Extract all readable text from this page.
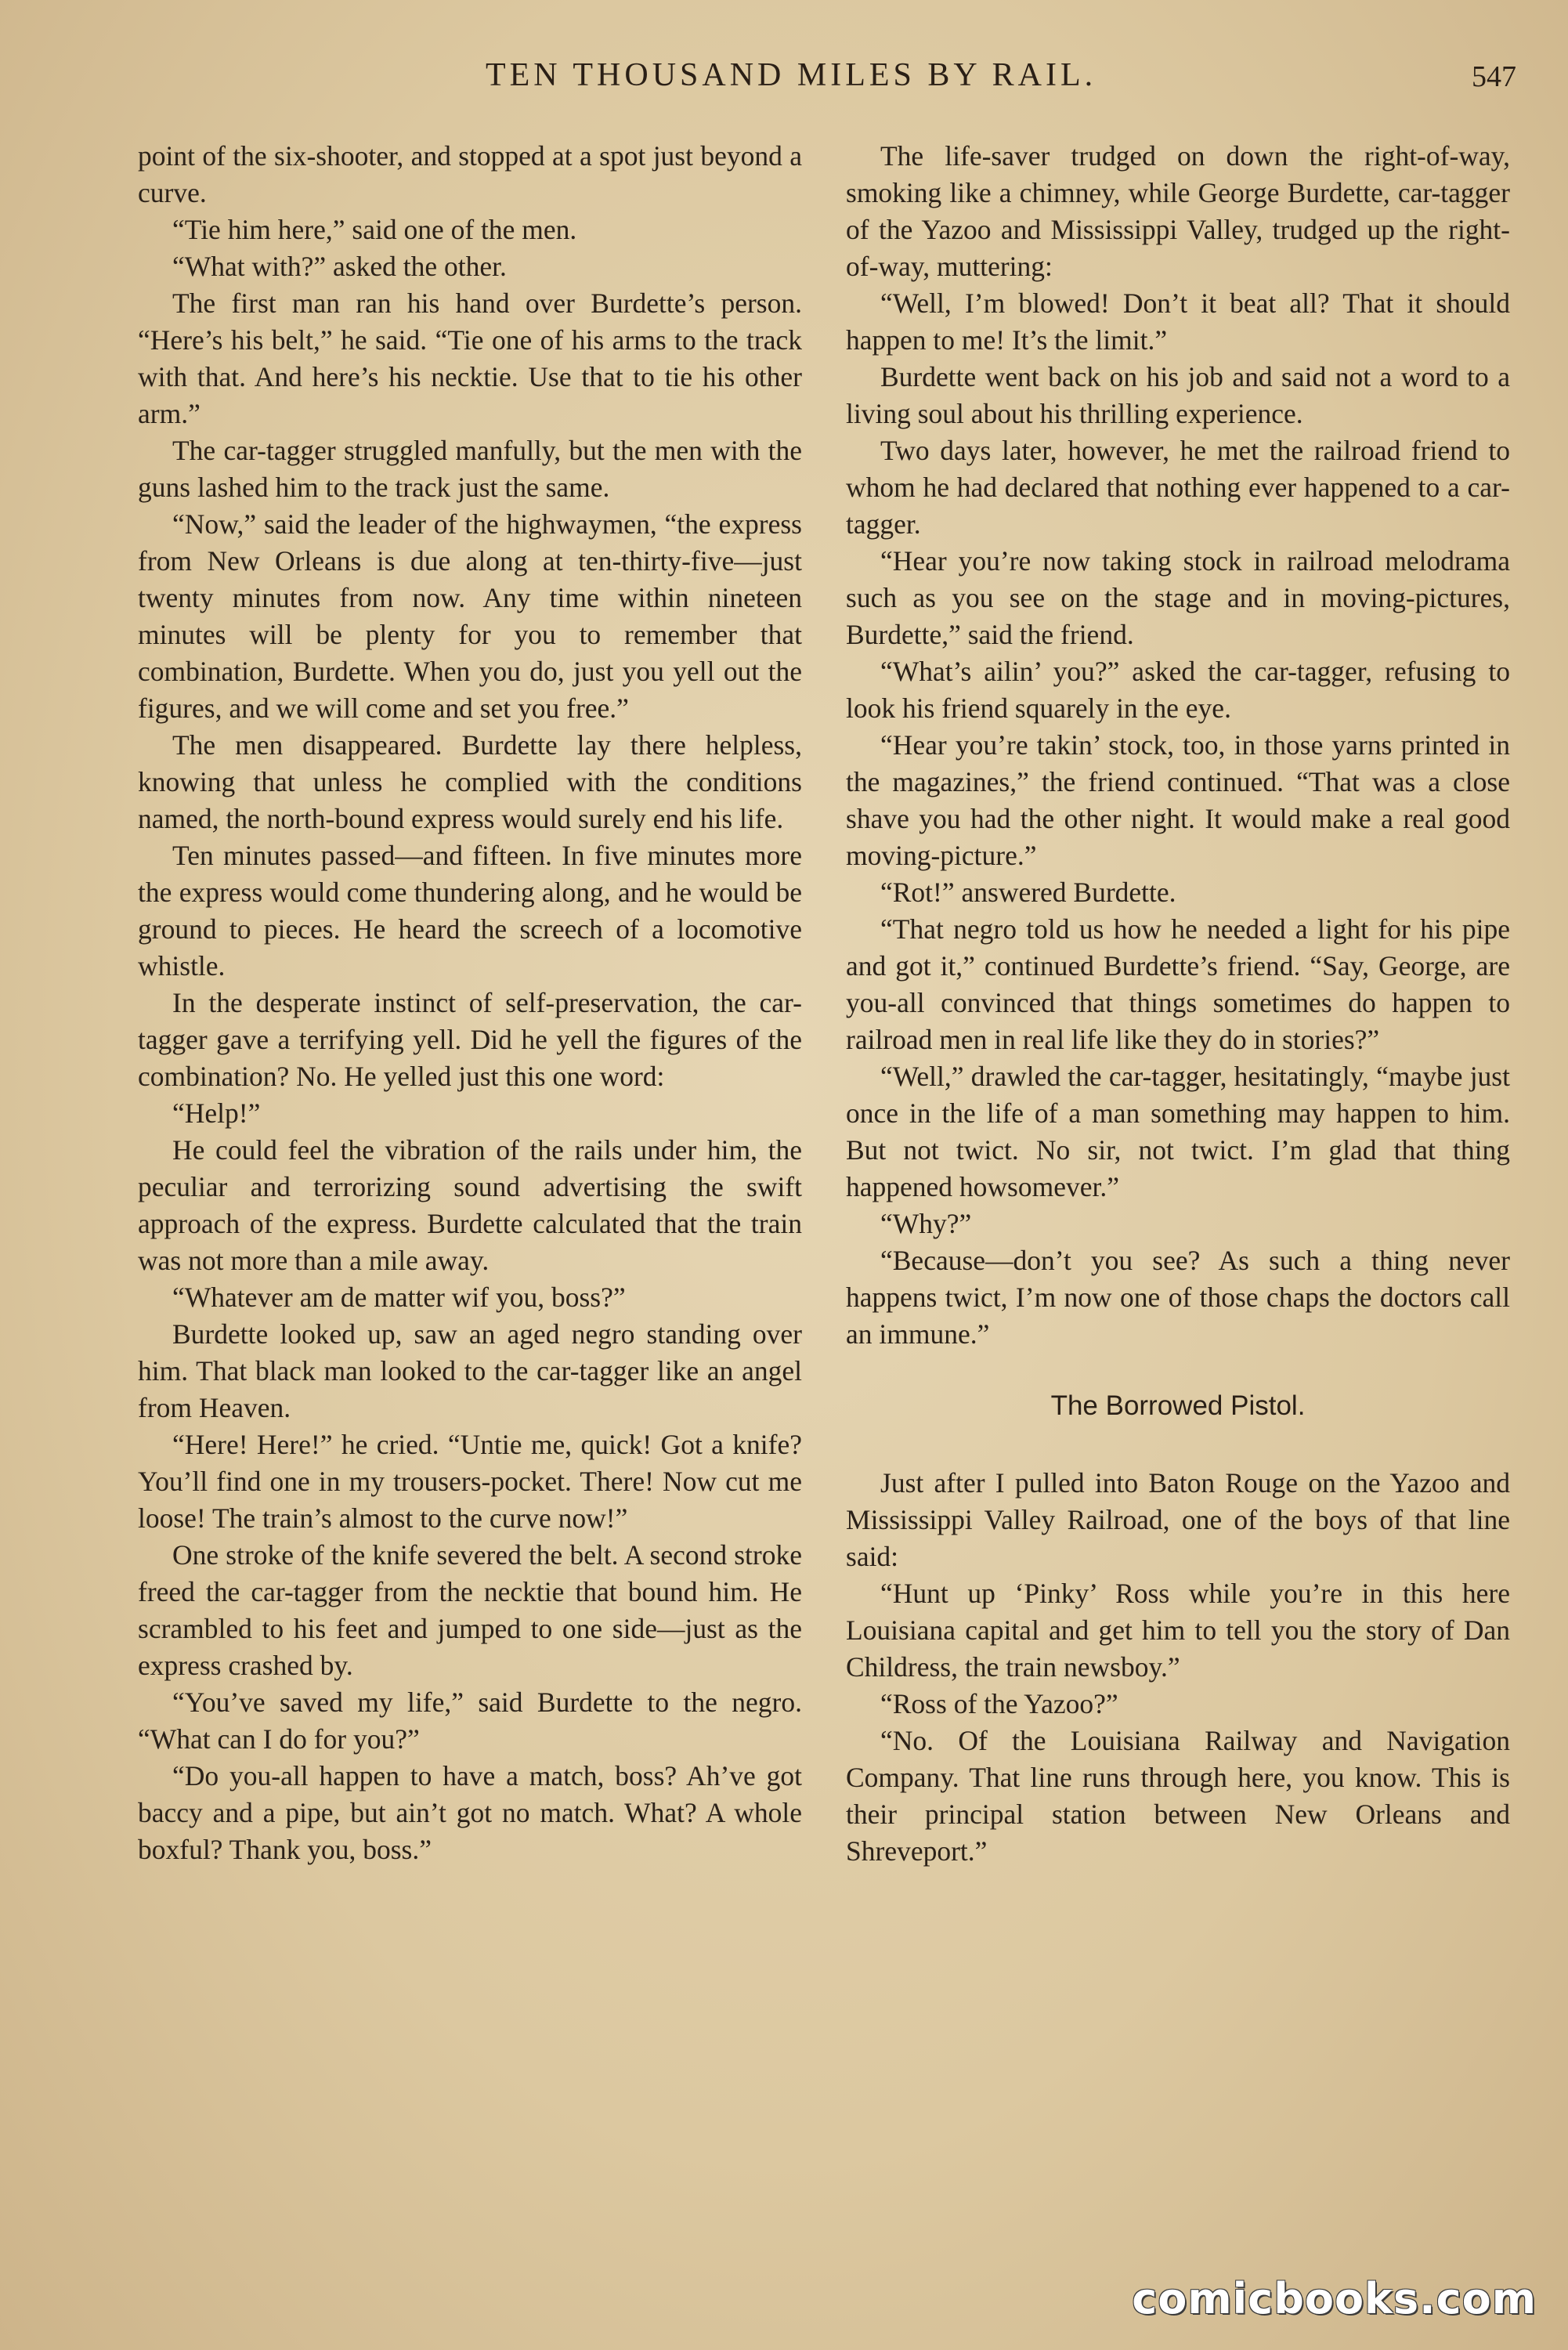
TEN THOUSAND MILES BY RAIL.	547

point of the six-shooter, and stopped at a spot just beyond a curve.

“Tie him here,” said one of the men.

“What with?” asked the other.

The first man ran his hand over Burdette’s person. “Here’s his belt,” he said. “Tie one of his arms to the track with that. And here’s his necktie. Use that to tie his other arm.”

The car-tagger struggled manfully, but the men with the guns lashed him to the track just the same.

“Now,” said the leader of the highwaymen, “the express from New Orleans is due along at ten-thirty-five—just twenty minutes from now. Any time within nineteen minutes will be plenty for you to remember that combination, Burdette. When you do, just you yell out the figures, and we will come and set you free.”

The men disappeared. Burdette lay there helpless, knowing that unless he complied with the conditions named, the north-bound express would surely end his life.

Ten minutes passed—and fifteen. In five minutes more the express would come thundering along, and he would be ground to pieces. He heard the screech of a locomotive whistle.

In the desperate instinct of self-preservation, the car-tagger gave a terrifying yell. Did he yell the figures of the combination? No. He yelled just this one word:

“Help!”

He could feel the vibration of the rails under him, the peculiar and terrorizing sound advertising the swift approach of the express. Burdette calculated that the train was not more than a mile away.

“Whatever am de matter wif you, boss?”

Burdette looked up, saw an aged negro standing over him. That black man looked to the car-tagger like an angel from Heaven.

“Here! Here!” he cried. “Untie me, quick! Got a knife? You’ll find one in my trousers-pocket. There! Now cut me loose! The train’s almost to the curve now!”

One stroke of the knife severed the belt. A second stroke freed the car-tagger from the necktie that bound him. He scrambled to his feet and jumped to one side—just as the express crashed by.

“You’ve saved my life,” said Burdette to the negro. “What can I do for you?”

“Do you-all happen to have a match, boss? Ah’ve got baccy and a pipe, but ain’t got no match. What? A whole boxful? Thank you, boss.”

The life-saver trudged on down the right-of-way, smoking like a chimney, while George Burdette, car-tagger of the Yazoo and Mississippi Valley, trudged up the right-of-way, muttering:

“Well, I’m blowed! Don’t it beat all? That it should happen to me! It’s the limit.”

Burdette went back on his job and said not a word to a living soul about his thrilling experience.

Two days later, however, he met the railroad friend to whom he had declared that nothing ever happened to a car-tagger.

“Hear you’re now taking stock in railroad melodrama such as you see on the stage and in moving-pictures, Burdette,” said the friend.

“What’s ailin’ you?” asked the car-tagger, refusing to look his friend squarely in the eye.

“Hear you’re takin’ stock, too, in those yarns printed in the magazines,” the friend continued. “That was a close shave you had the other night. It would make a real good moving-picture.”

“Rot!” answered Burdette.

“That negro told us how he needed a light for his pipe and got it,” continued Burdette’s friend. “Say, George, are you-all convinced that things sometimes do happen to railroad men in real life like they do in stories?”

“Well,” drawled the car-tagger, hesitatingly, “maybe just once in the life of a man something may happen to him. But not twict. No sir, not twict. I’m glad that thing happened howsomever.”

“Why?”

“Because—don’t you see? As such a thing never happens twict, I’m now one of those chaps the doctors call an immune.”

The Borrowed Pistol.

Just after I pulled into Baton Rouge on the Yazoo and Mississippi Valley Railroad, one of the boys of that line said:

“Hunt up ‘Pinky’ Ross while you’re in this here Louisiana capital and get him to tell you the story of Dan Childress, the train newsboy.”

“Ross of the Yazoo?”

“No. Of the Louisiana Railway and Navigation Company. That line runs through here, you know. This is their principal station between New Orleans and Shreveport.”

comicbooks.com
